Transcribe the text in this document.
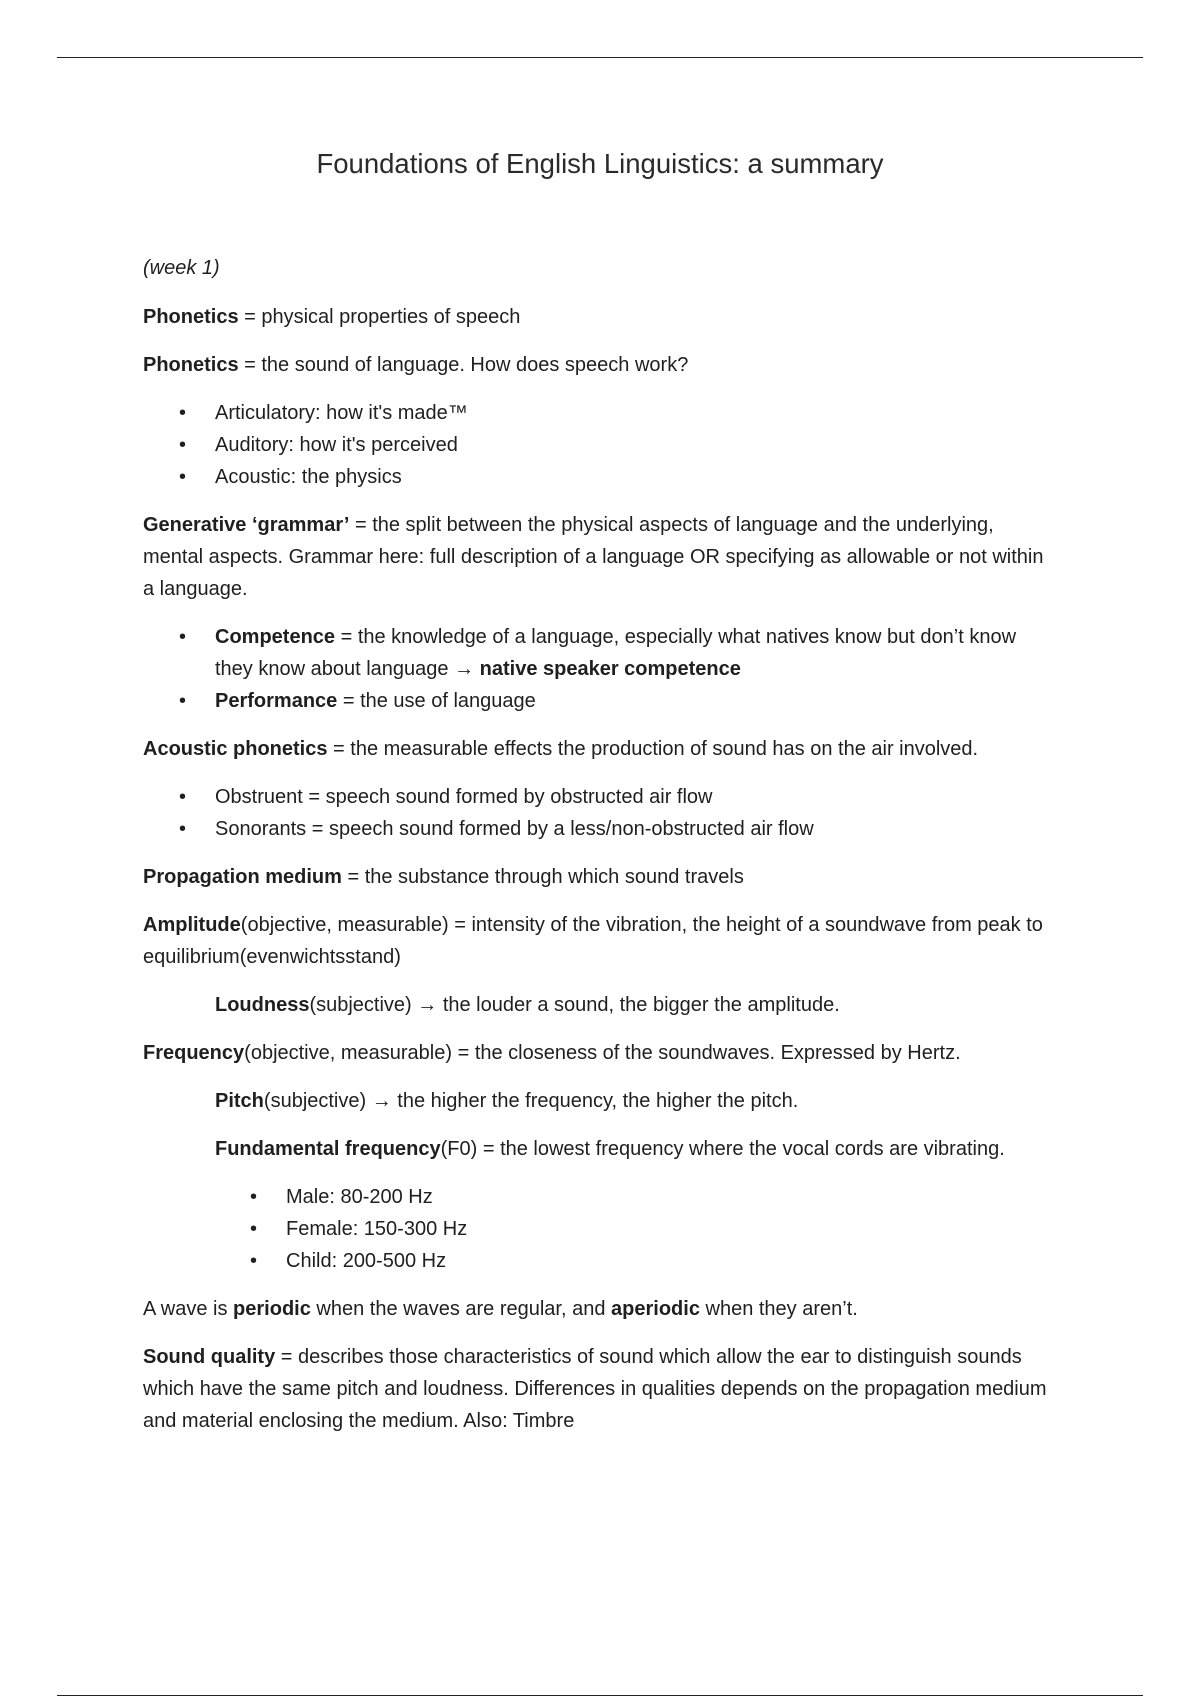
Foundations of English Linguistics: a summary

(week 1)

Phonetics = physical properties of speech

Phonetics = the sound of language. How does speech work?

• Articulatory: how it's made™
• Auditory: how it's perceived
• Acoustic: the physics

Generative ‘grammar’ = the split between the physical aspects of language and the underlying, mental aspects. Grammar here: full description of a language OR specifying as allowable or not within a language.

• Competence = the knowledge of a language, especially what natives know but don’t know they know about language → native speaker competence
• Performance = the use of language

Acoustic phonetics = the measurable effects the production of sound has on the air involved.

• Obstruent = speech sound formed by obstructed air flow
• Sonorants = speech sound formed by a less/non-obstructed air flow

Propagation medium = the substance through which sound travels

Amplitude(objective, measurable) = intensity of the vibration, the height of a soundwave from peak to equilibrium(evenwichtsstand)

Loudness(subjective) → the louder a sound, the bigger the amplitude.

Frequency(objective, measurable) = the closeness of the soundwaves. Expressed by Hertz.

Pitch(subjective) → the higher the frequency, the higher the pitch.

Fundamental frequency(F0) = the lowest frequency where the vocal cords are vibrating.

• Male: 80-200 Hz
• Female: 150-300 Hz
• Child: 200-500 Hz

A wave is periodic when the waves are regular, and aperiodic when they aren’t.

Sound quality = describes those characteristics of sound which allow the ear to distinguish sounds which have the same pitch and loudness. Differences in qualities depends on the propagation medium and material enclosing the medium. Also: Timbre
